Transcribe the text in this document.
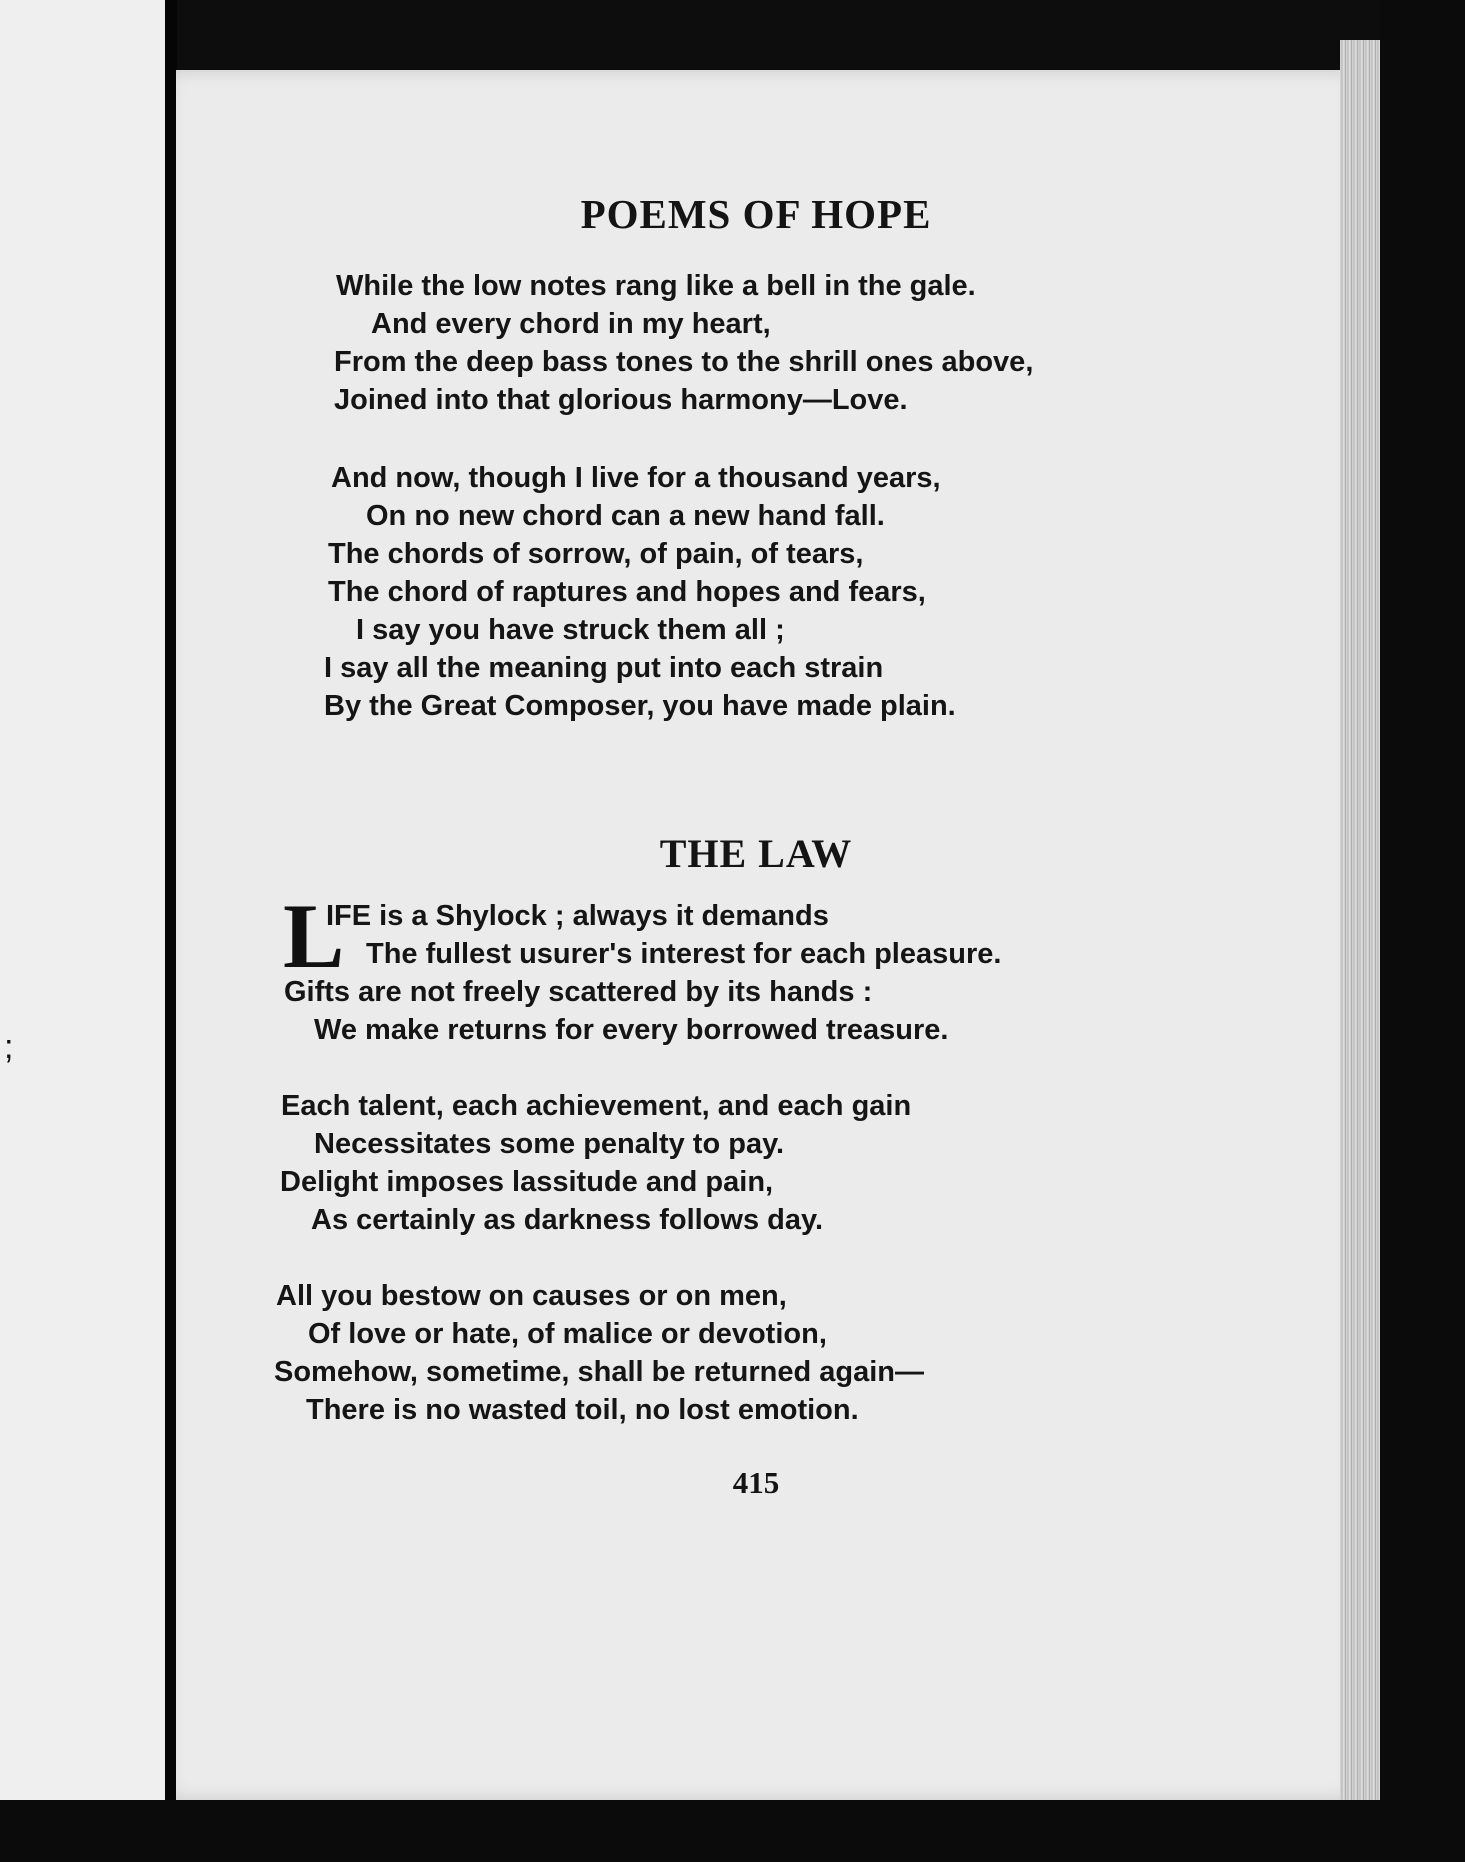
;
POEMS OF HOPE
While the low notes rang like a bell in the gale.
And every chord in my heart,
From the deep bass tones to the shrill ones above,
Joined into that glorious harmony—Love.
And now, though I live for a thousand years,
On no new chord can a new hand fall.
The chords of sorrow, of pain, of tears,
The chord of raptures and hopes and fears,
I say you have struck them all ;
I say all the meaning put into each strain
By the Great Composer, you have made plain.
THE LAW
L
IFE is a Shylock ; always it demands
The fullest usurer's interest for each pleasure.
Gifts are not freely scattered by its hands :
We make returns for every borrowed treasure.
Each talent, each achievement, and each gain
Necessitates some penalty to pay.
Delight imposes lassitude and pain,
As certainly as darkness follows day.
All you bestow on causes or on men,
Of love or hate, of malice or devotion,
Somehow, sometime, shall be returned again—
There is no wasted toil, no lost emotion.
415
